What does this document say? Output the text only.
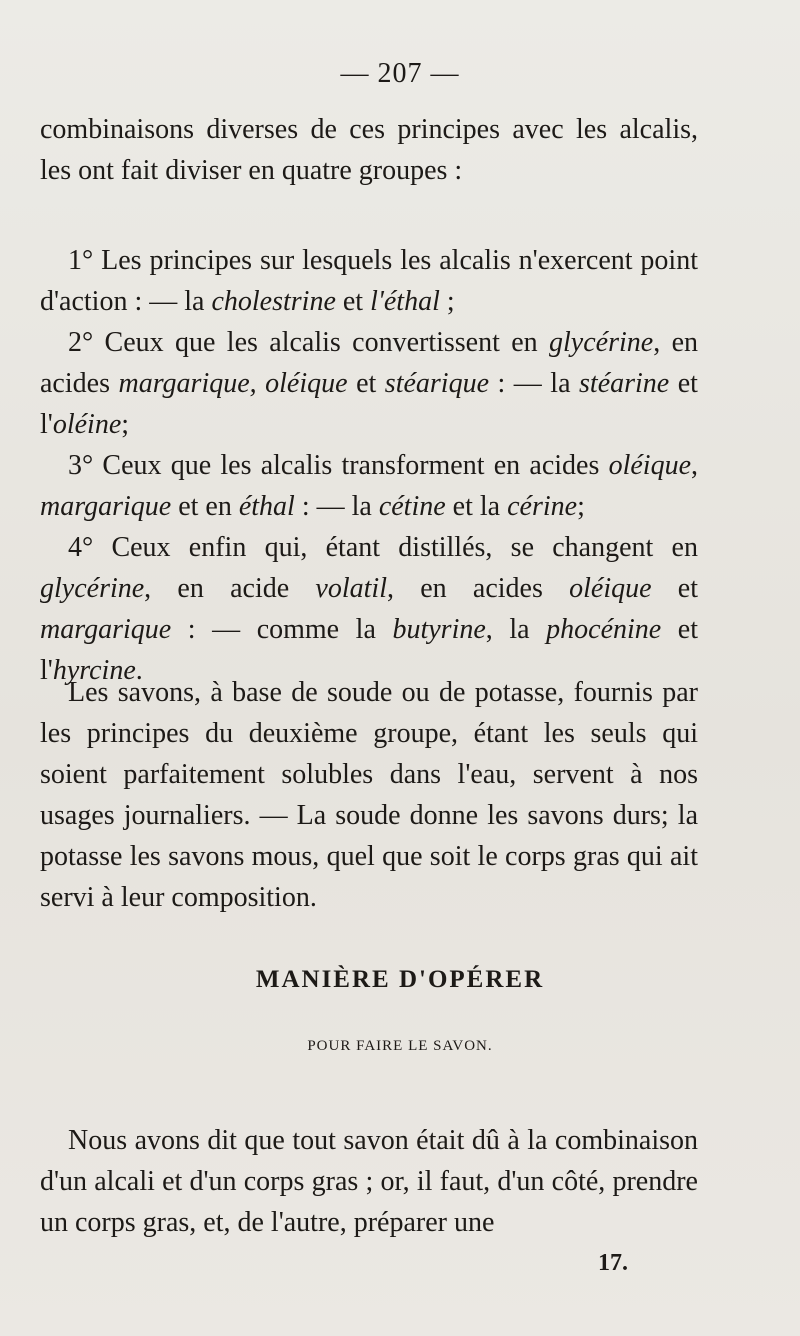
— 207 —

combinaisons diverses de ces principes avec les alcalis, les ont fait diviser en quatre groupes :

1° Les principes sur lesquels les alcalis n'exercent point d'action : — la cholestrine et l'éthal ;

2° Ceux que les alcalis convertissent en glycérine, en acides margarique, oléique et stéarique : — la stéarine et l'oléine;

3° Ceux que les alcalis transforment en acides oléique, margarique et en éthal : — la cétine et la cérine;

4° Ceux enfin qui, étant distillés, se changent en glycérine, en acide volatil, en acides oléique et margarique : — comme la butyrine, la phocénine et l'hyrcine.

Les savons, à base de soude ou de potasse, fournis par les principes du deuxième groupe, étant les seuls qui soient parfaitement solubles dans l'eau, servent à nos usages journaliers. — La soude donne les savons durs; la potasse les savons mous, quel que soit le corps gras qui ait servi à leur composition.

MANIÈRE D'OPÉRER
POUR FAIRE LE SAVON.

Nous avons dit que tout savon était dû à la combinaison d'un alcali et d'un corps gras ; or, il faut, d'un côté, prendre un corps gras, et, de l'autre, préparer une

17.
